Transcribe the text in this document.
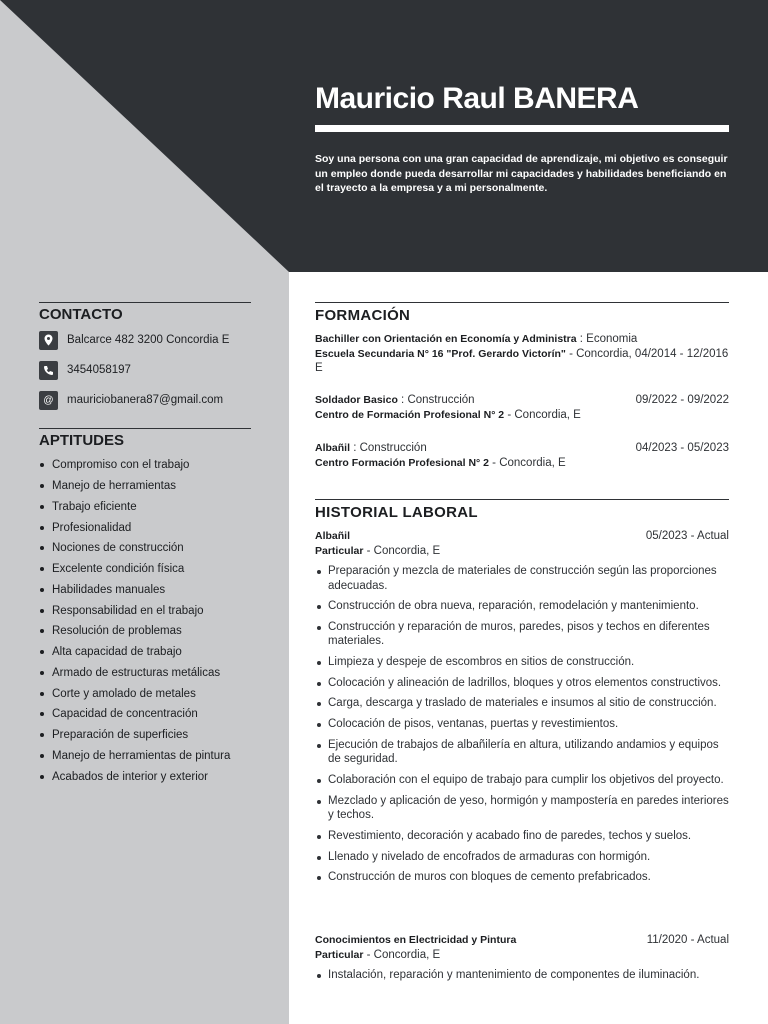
Mauricio Raul BANERA

Soy una persona con una gran capacidad de aprendizaje, mi objetivo es conseguir un empleo donde pueda desarrollar mi capacidades y habilidades beneficiando en el trayecto a la empresa y a mi personalmente.

CONTACTO
Balcarce 482 3200 Concordia E
3454058197
@	mauriciobanera87@gmail.com
APTITUDES
Compromiso con el trabajo
Manejo de herramientas
Trabajo eficiente
Profesionalidad
Nociones de construcción
Excelente condición física
Habilidades manuales
Responsabilidad en el trabajo
Resolución de problemas
Alta capacidad de trabajo
Armado de estructuras metálicas
Corte y amolado de metales
Capacidad de concentración
Preparación de superficies
Manejo de herramientas de pintura
Acabados de interior y exterior
FORMACIÓN
Bachiller con Orientación en Economía y Administra : Economia
Escuela Secundaria N° 16 "Prof. Gerardo Victorín" - Concordia, 04/2014 - 12/2016 E
Soldador Basico : Construcción	09/2022 - 09/2022
Centro de Formación Profesional N° 2 - Concordia, E
Albañil : Construcción	04/2023 - 05/2023
Centro Formación Profesional N° 2 - Concordia, E
HISTORIAL LABORAL
Albañil	05/2023 - Actual
Particular - Concordia, E
Preparación y mezcla de materiales de construcción según las proporciones adecuadas.
Construcción de obra nueva, reparación, remodelación y mantenimiento.
Construcción y reparación de muros, paredes, pisos y techos en diferentes materiales.
Limpieza y despeje de escombros en sitios de construcción.
Colocación y alineación de ladrillos, bloques y otros elementos constructivos.
Carga, descarga y traslado de materiales e insumos al sitio de construcción.
Colocación de pisos, ventanas, puertas y revestimientos.
Ejecución de trabajos de albañilería en altura, utilizando andamios y equipos de seguridad.
Colaboración con el equipo de trabajo para cumplir los objetivos del proyecto.
Mezclado y aplicación de yeso, hormigón y mampostería en paredes interiores y techos.
Revestimiento, decoración y acabado fino de paredes, techos y suelos.
Llenado y nivelado de encofrados de armaduras con hormigón.
Construcción de muros con bloques de cemento prefabricados.
Conocimientos en Electricidad y Pintura	11/2020 - Actual
Particular - Concordia, E
Instalación, reparación y mantenimiento de componentes de iluminación.
